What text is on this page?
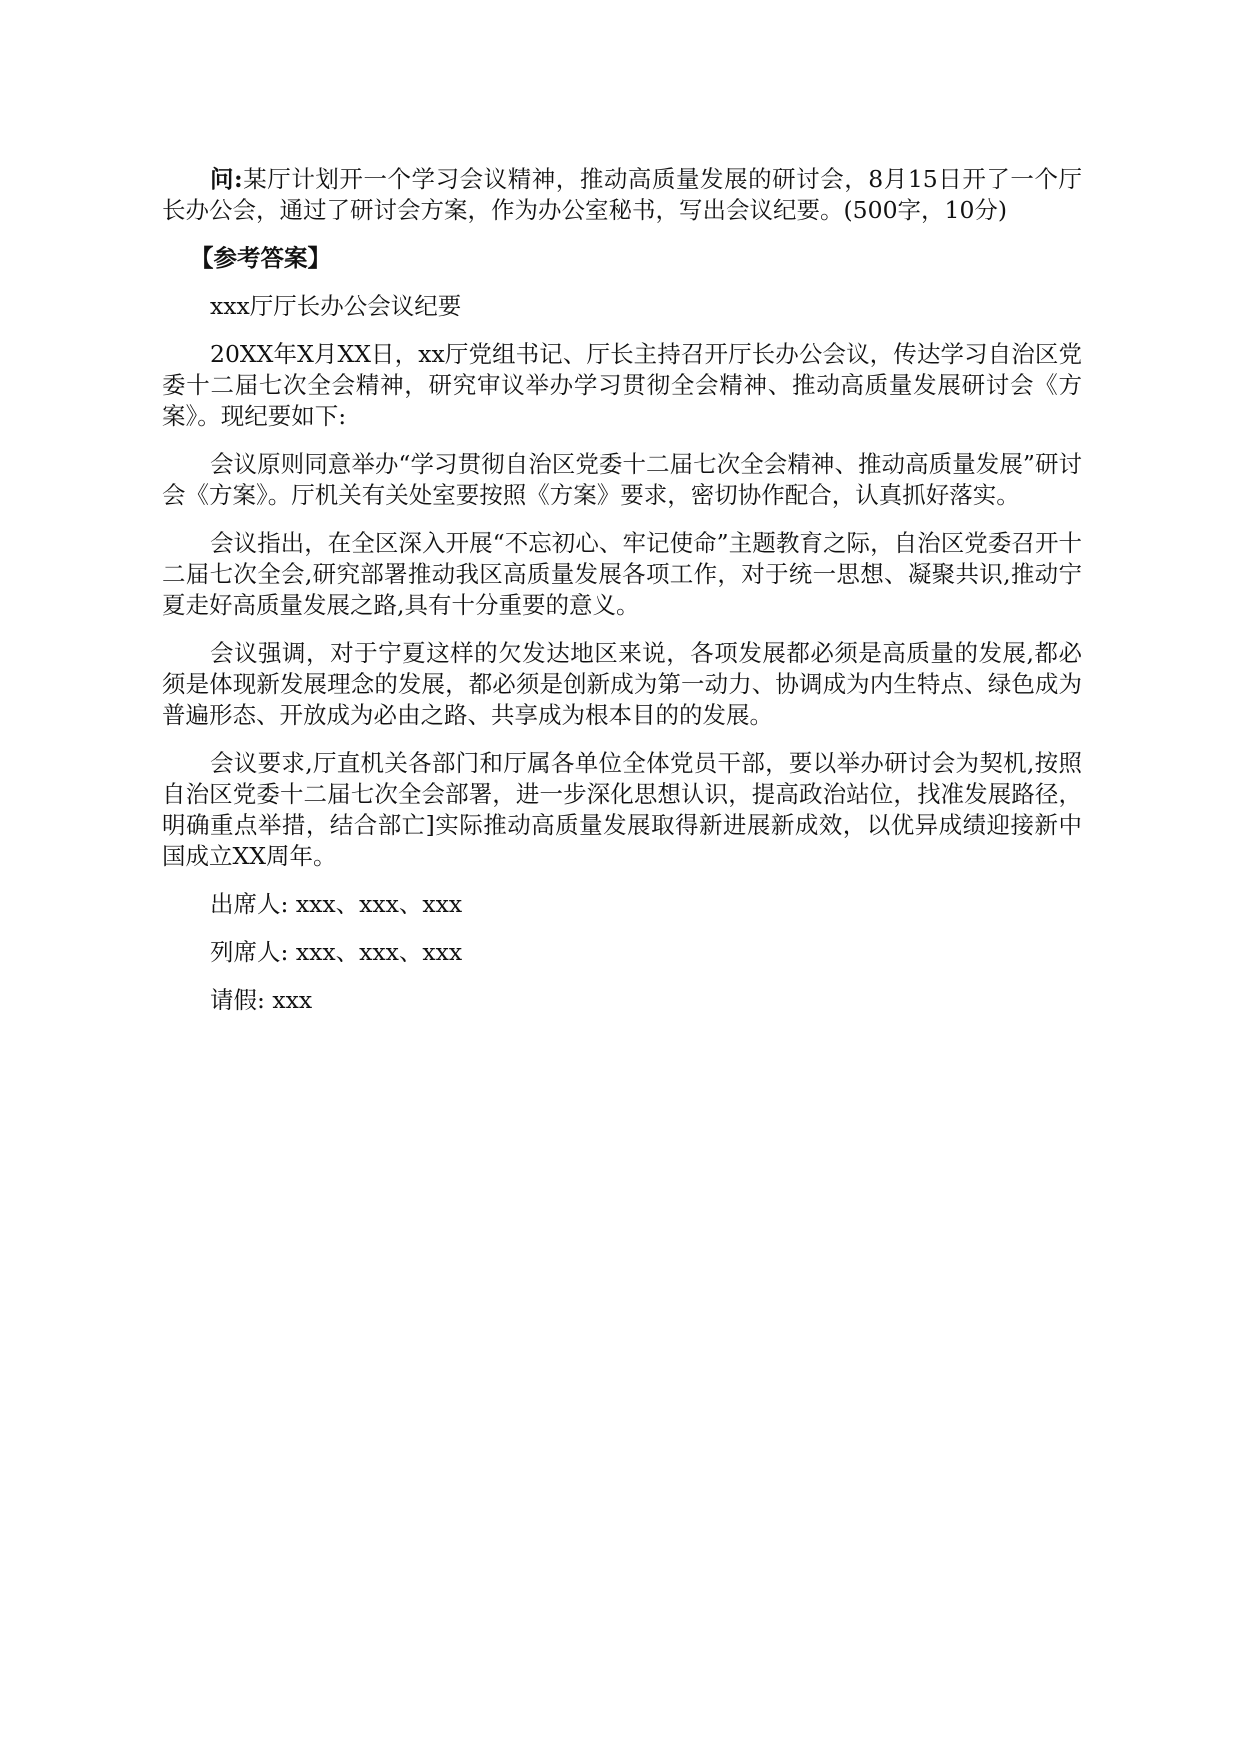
问:某厅计划开一个学习会议精神，推动高质量发展的研讨会，8月15日开了一个厅长办公会，通过了研讨会方案，作为办公室秘书，写出会议纪要。(500字，10分)

【参考答案】

xxx厅厅长办公会议纪要

20XX年X月XX日，xx厅党组书记、厅长主持召开厅长办公会议，传达学习自治区党委十二届七次全会精神，研究审议举办学习贯彻全会精神、推动高质量发展研讨会《方案》。现纪要如下:

会议原则同意举办“学习贯彻自治区党委十二届七次全会精神、推动高质量发展”研讨会《方案》。厅机关有关处室要按照《方案》要求，密切协作配合，认真抓好落实。

会议指出，在全区深入开展“不忘初心、牢记使命”主题教育之际，自治区党委召开十二届七次全会,研究部署推动我区高质量发展各项工作，对于统一思想、凝聚共识,推动宁夏走好高质量发展之路,具有十分重要的意义。

会议强调，对于宁夏这样的欠发达地区来说，各项发展都必须是高质量的发展,都必须是体现新发展理念的发展，都必须是创新成为第一动力、协调成为内生特点、绿色成为普遍形态、开放成为必由之路、共享成为根本目的的发展。

会议要求,厅直机关各部门和厅属各单位全体党员干部，要以举办研讨会为契机,按照自治区党委十二届七次全会部署，进一步深化思想认识，提高政治站位，找准发展路径，明确重点举措，结合部亡]实际推动高质量发展取得新进展新成效，以优异成绩迎接新中国成立XX周年。

出席人: xxx、xxx、xxx

列席人: xxx、xxx、xxx

请假: xxx
